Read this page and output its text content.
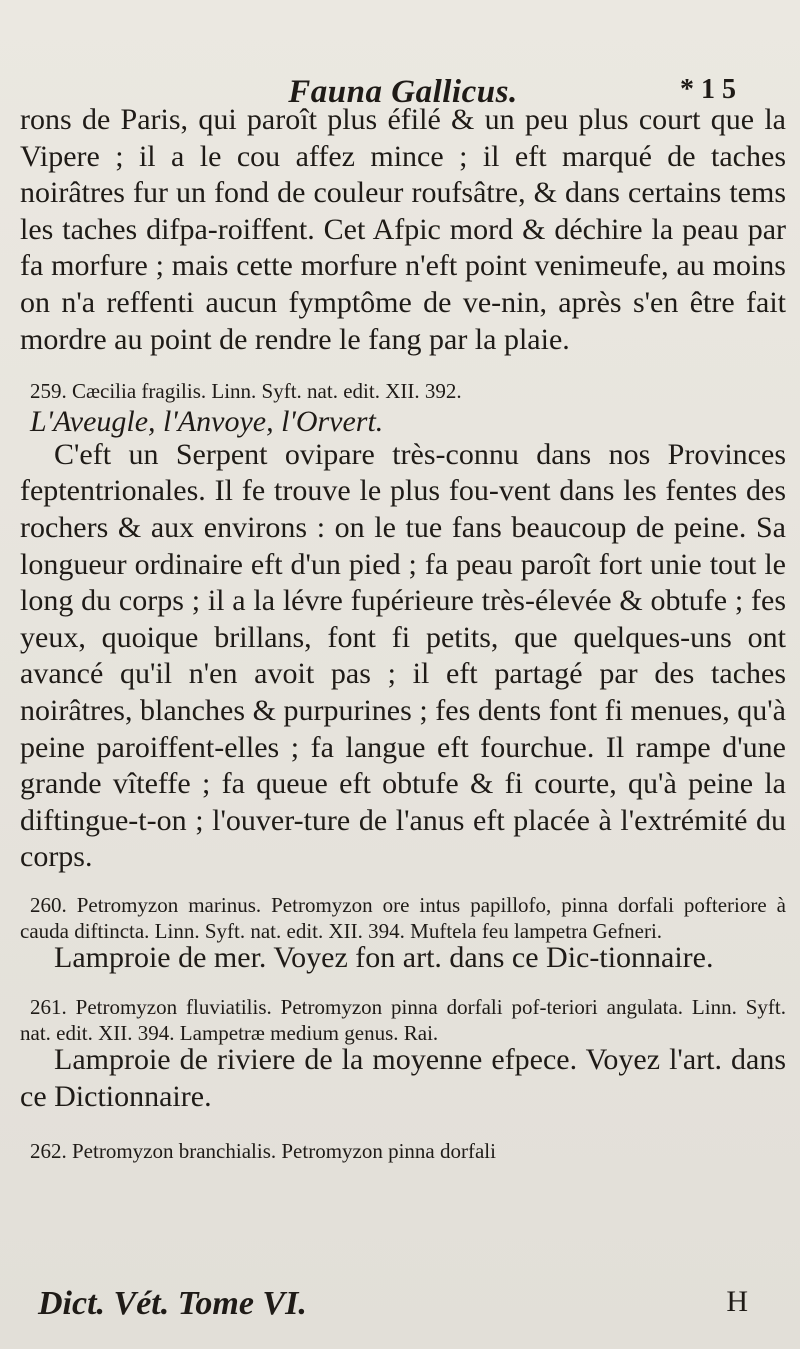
Fauna Gallicus.	* 1 5

rons de Paris, qui paroît plus éfilé & un peu plus court que la Vipere ; il a le cou affez mince ; il eft marqué de taches noirâtres fur un fond de couleur roufsâtre, & dans certains tems les taches difpa-roiffent. Cet Afpic mord & déchire la peau par fa morfure ; mais cette morfure n'eft point venimeufe, au moins on n'a reffenti aucun fymptôme de ve-nin, après s'en être fait mordre au point de rendre le fang par la plaie.

259. Cæcilia fragilis. Linn. Syft. nat. edit. XII. 392.

L'Aveugle, l'Anvoye, l'Orvert.

C'eft un Serpent ovipare très-connu dans nos Provinces feptentrionales. Il fe trouve le plus fou-vent dans les fentes des rochers & aux environs : on le tue fans beaucoup de peine. Sa longueur ordinaire eft d'un pied ; fa peau paroît fort unie tout le long du corps ; il a la lévre fupérieure très-élevée & obtufe ; fes yeux, quoique brillans, font fi petits, que quelques-uns ont avancé qu'il n'en avoit pas ; il eft partagé par des taches noirâtres, blanches & purpurines ; fes dents font fi menues, qu'à peine paroiffent-elles ; fa langue eft fourchue. Il rampe d'une grande vîteffe ; fa queue eft obtufe & fi courte, qu'à peine la diftingue-t-on ; l'ouver-ture de l'anus eft placée à l'extrémité du corps.

260. Petromyzon marinus. Petromyzon ore intus papillofo, pinna dorfali pofteriore à cauda diftincta. Linn. Syft. nat. edit. XII. 394. Muftela feu lampetra Gefneri.

Lamproie de mer. Voyez fon art. dans ce Dic-tionnaire.

261. Petromyzon fluviatilis. Petromyzon pinna dorfali pof-teriori angulata. Linn. Syft. nat. edit. XII. 394. Lampetræ medium genus. Rai.

Lamproie de riviere de la moyenne efpece. Voyez l'art. dans ce Dictionnaire.

262. Petromyzon branchialis. Petromyzon pinna dorfali

Dict. Vét. Tome VI.	H
